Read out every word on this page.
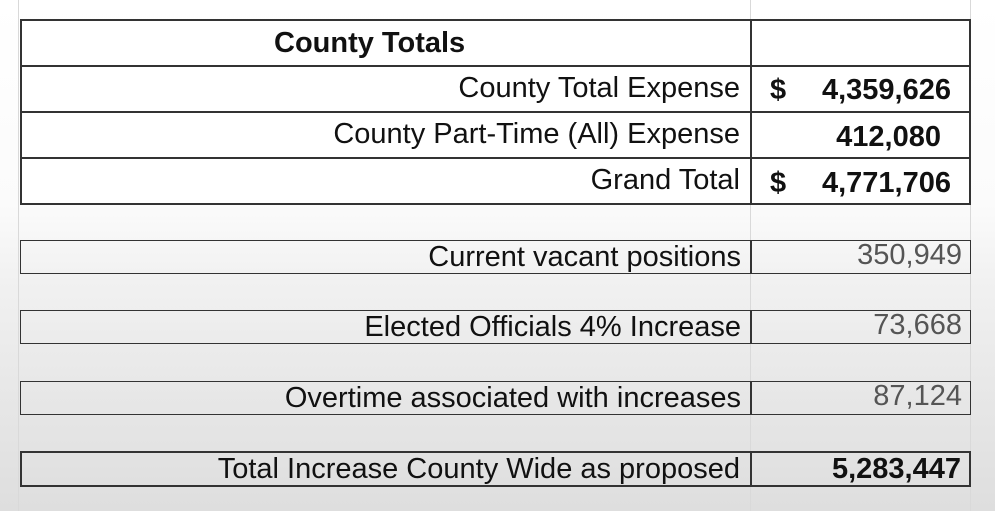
County Totals
County Total Expense $ 4,359,626
County Part-Time (All) Expense	412,080
Grand Total $ 4,771,706
Current vacant positions	350,949
Elected Officials 4% Increase	73,668
Overtime associated with increases	87,124
Total Increase County Wide as proposed	5,283,447
